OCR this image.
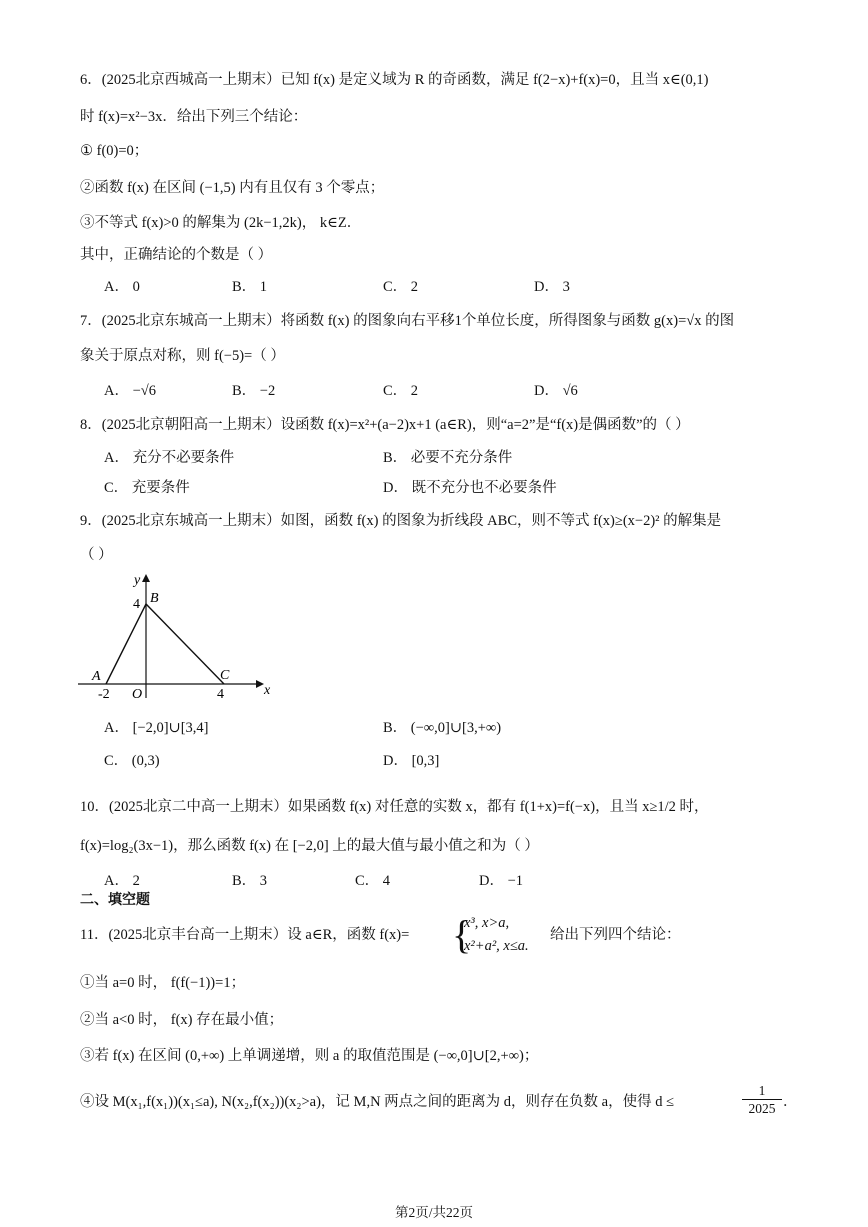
6．(2025北京西城高一上期末）已知 f(x) 是定义域为 R 的奇函数，满足 f(2−x)+f(x)=0，且当 x∈(0,1)
时 f(x)=x²−3x．给出下列三个结论：
① f(0)=0；
②函数 f(x) 在区间 (−1,5) 内有且仅有 3 个零点；
③不等式 f(x)>0 的解集为 (2k−1,2k)， k∈Z．
其中，正确结论的个数是（ ）
A． 0	B． 1	C． 2	D． 3
7．(2025北京东城高一上期末）将函数 f(x) 的图象向右平移1个单位长度，所得图象与函数 g(x)=√x 的图
象关于原点对称，则 f(−5)=（ ）
A． −√6	B． −2	C． 2	D． √6
8．(2025北京朝阳高一上期末）设函数 f(x)=x²+(a−2)x+1 (a∈R)，则“a=2”是“f(x)是偶函数”的（ ）
A． 充分不必要条件	B． 必要不充分条件
C． 充要条件	D． 既不充分也不必要条件
9．(2025北京东城高一上期末）如图，函数 f(x) 的图象为折线段 ABC，则不等式 f(x)≥(x−2)² 的解集是
（ ）
x
y
O
A
B
C
-2	4
4
A． [−2,0]∪[3,4]	B． (−∞,0]∪[3,+∞)
C． (0,3)	D． [0,3]
10．(2025北京二中高一上期末）如果函数 f(x) 对任意的实数 x，都有 f(1+x)=f(−x)，且当 x≥1/2 时，
f(x)=log₂(3x−1)，那么函数 f(x) 在 [−2,0] 上的最大值与最小值之和为（ ）
A． 2	B． 3	C． 4	D． −1
二、填空题
11．(2025北京丰台高一上期末）设 a∈R，函数 f(x)= {
x³, x>a,
x²+a², x≤a.
给出下列四个结论：
①当 a=0 时， f(f(−1))=1；
②当 a<0 时， f(x) 存在最小值；
③若 f(x) 在区间 (0,+∞) 上单调递增，则 a 的取值范围是 (−∞,0]∪[2,+∞)；
④设 M(x₁,f(x₁))(x₁≤a), N(x₂,f(x₂))(x₂>a)，记 M,N 两点之间的距离为 d，则存在负数 a，使得 d ≤	$\frac{1}{2025}$ ．
第2页/共22页
